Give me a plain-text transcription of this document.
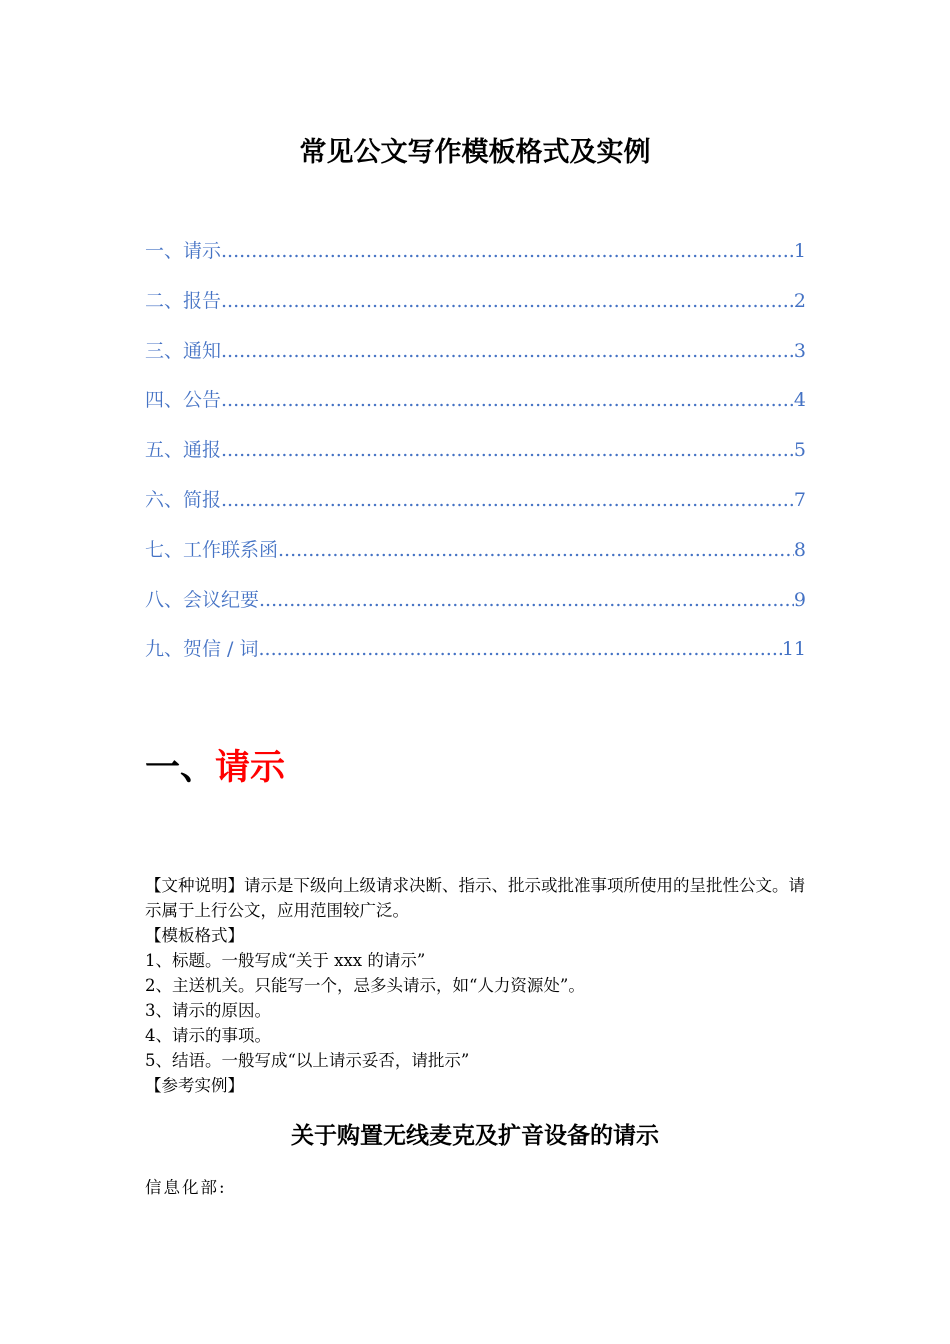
常见公文写作模板格式及实例
一、请示 .....	1
二、报告 .....	2
三、通知 .....	3
四、公告 .....	4
五、通报 .....	5
六、简报 .....	7
七、工作联系函 .....	8
八、会议纪要 .....	9
九、贺信 / 词 .....	11
一、请示

【文种说明】请示是下级向上级请求决断、指示、批示或批准事项所使用的呈批性公文。请示属于上行公文，应用范围较广泛。

【模板格式】

1、标题。一般写成“关于 xxx 的请示”

2、主送机关。只能写一个，忌多头请示，如“人力资源处”。

3、请示的原因。

4、请示的事项。

5、结语。一般写成“以上请示妥否，请批示”

【参考实例】

关于购置无线麦克及扩音设备的请示

信息化部:
